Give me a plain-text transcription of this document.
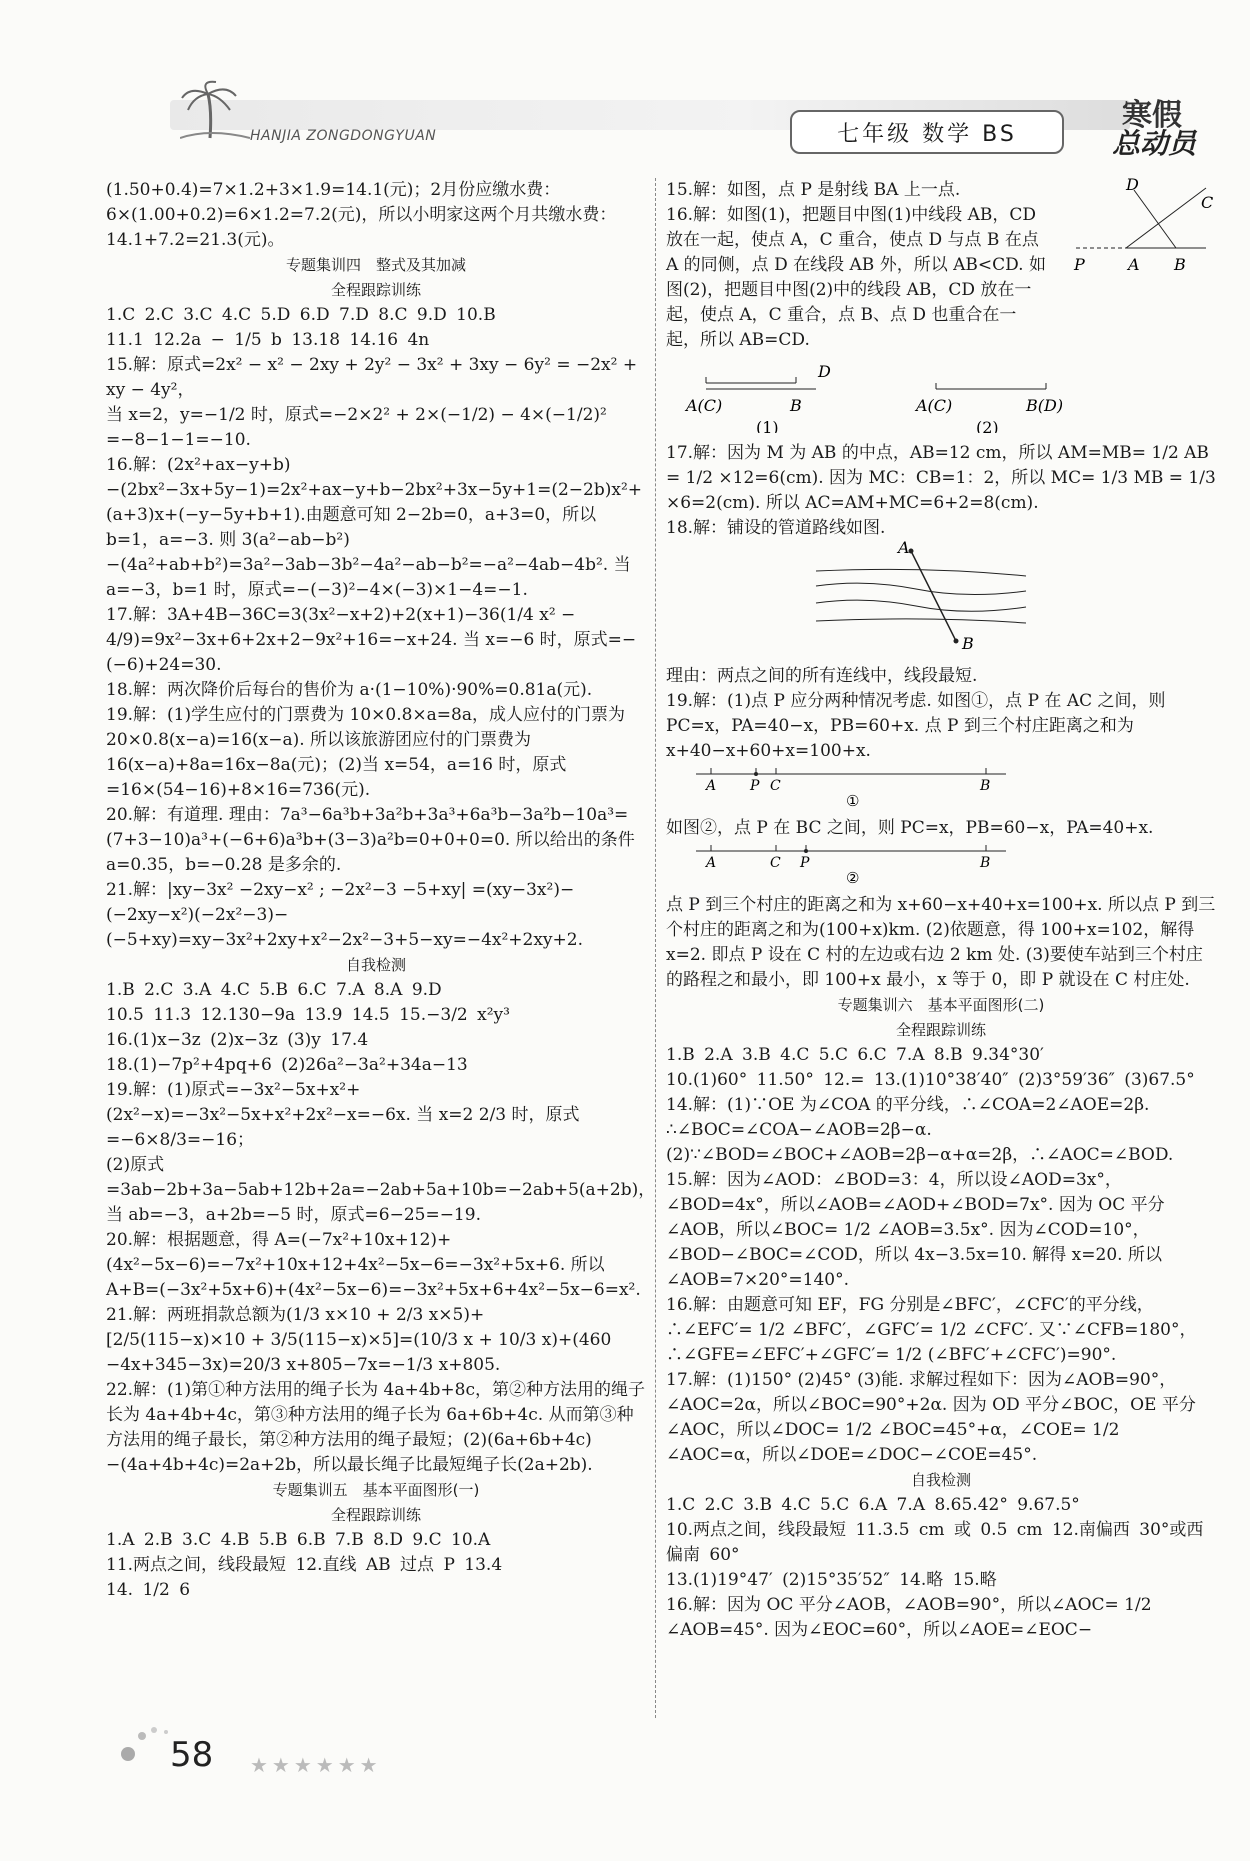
HANJIA ZONGDONGYUAN	七年级 数学 BS
寒假
总动员

(1.50+0.4)=7×1.2+3×1.9=14.1(元)；2月份应缴水费：6×(1.00+0.2)=6×1.2=7.2(元)，所以小明家这两个月共缴水费：14.1+7.2=21.3(元)。

专题集训四　整式及其加减

全程跟踪训练

1.C 2.C 3.C 4.C 5.D 6.D 7.D 8.C 9.D 10.B

11.1 12.2a − 1/5 b 13.18 14.16 4n

15.解：原式=2x² − x² − 2xy + 2y² − 3x² + 3xy − 6y² = −2x² + xy − 4y²，

当 x=2，y=−1/2 时，原式=−2×2² + 2×(−1/2) − 4×(−1/2)² =−8−1−1=−10.

16.解：(2x²+ax−y+b)−(2bx²−3x+5y−1)=2x²+ax−y+b−2bx²+3x−5y+1=(2−2b)x²+(a+3)x+(−y−5y+b+1).由题意可知 2−2b=0，a+3=0，所以 b=1，a=−3. 则 3(a²−ab−b²)−(4a²+ab+b²)=3a²−3ab−3b²−4a²−ab−b²=−a²−4ab−4b². 当 a=−3，b=1 时，原式=−(−3)²−4×(−3)×1−4=−1.

17.解：3A+4B−36C=3(3x²−x+2)+2(x+1)−36(1/4 x² − 4/9)=9x²−3x+6+2x+2−9x²+16=−x+24. 当 x=−6 时，原式=−(−6)+24=30.

18.解：两次降价后每台的售价为 a·(1−10%)·90%=0.81a(元).

19.解：(1)学生应付的门票费为 10×0.8×a=8a，成人应付的门票为 20×0.8(x−a)=16(x−a). 所以该旅游团应付的门票费为 16(x−a)+8a=16x−8a(元)；(2)当 x=54，a=16 时，原式=16×(54−16)+8×16=736(元).

20.解：有道理. 理由：7a³−6a³b+3a²b+3a³+6a³b−3a²b−10a³=(7+3−10)a³+(−6+6)a³b+(3−3)a²b=0+0+0=0. 所以给出的条件 a=0.35，b=−0.28 是多余的.

21.解：|xy−3x² −2xy−x² ; −2x²−3 −5+xy| =(xy−3x²)−(−2xy−x²)(−2x²−3)−(−5+xy)=xy−3x²+2xy+x²−2x²−3+5−xy=−4x²+2xy+2.

自我检测

1.B 2.C 3.A 4.C 5.B 6.C 7.A 8.A 9.D

10.5 11.3 12.130−9a 13.9 14.5 15.−3/2 x²y³

16.(1)x−3z (2)x−3z (3)y 17.4

18.(1)−7p²+4pq+6 (2)26a²−3a²+34a−13

19.解：(1)原式=−3x²−5x+x²+(2x²−x)=−3x²−5x+x²+2x²−x=−6x. 当 x=2 2/3 时，原式=−6×8/3=−16；

(2)原式=3ab−2b+3a−5ab+12b+2a=−2ab+5a+10b=−2ab+5(a+2b)，当 ab=−3，a+2b=−5 时，原式=6−25=−19.

20.解：根据题意，得 A=(−7x²+10x+12)+(4x²−5x−6)=−7x²+10x+12+4x²−5x−6=−3x²+5x+6. 所以 A+B=(−3x²+5x+6)+(4x²−5x−6)=−3x²+5x+6+4x²−5x−6=x².

21.解：两班捐款总额为(1/3 x×10 + 2/3 x×5)+

[2/5(115−x)×10 + 3/5(115−x)×5]=(10/3 x + 10/3 x)+(460

−4x+345−3x)=20/3 x+805−7x=−1/3 x+805.

22.解：(1)第①种方法用的绳子长为 4a+4b+8c，第②种方法用的绳子长为 4a+4b+4c，第③种方法用的绳子长为 6a+6b+4c. 从而第③种方法用的绳子最长，第②种方法用的绳子最短；(2)(6a+6b+4c)−(4a+4b+4c)=2a+2b，所以最长绳子比最短绳子长(2a+2b).

专题集训五　基本平面图形(一)

全程跟踪训练

1.A 2.B 3.C 4.B 5.B 6.B 7.B 8.D 9.C 10.A

11.两点之间，线段最短 12.直线 AB 过点 P 13.4

14. 1/2 6

15.解：如图，点 P 是射线 BA 上一点.

16.解：如图(1)，把题目中图(1)中线段 AB，CD 放在一起，使点 A，C 重合，使点 D 与点 B 在点 A 的同侧，点 D 在线段 AB 外，所以 AB<CD. 如图(2)，把题目中图(2)中的线段 AB，CD 放在一起，使点 A，C 重合，点 B、点 D 也重合在一起，所以 AB=CD.

D
C
P	A B
D
A(C)	B
(1)
A(C)	B(D)
(2)

17.解：因为 M 为 AB 的中点，AB=12 cm，所以 AM=MB= 1/2 AB = 1/2 ×12=6(cm). 因为 MC：CB=1：2，所以 MC= 1/3 MB = 1/3 ×6=2(cm). 所以 AC=AM+MC=6+2=8(cm).

18.解：铺设的管道路线如图.

A
B

理由：两点之间的所有连线中，线段最短.

19.解：(1)点 P 应分两种情况考虑. 如图①，点 P 在 AC 之间，则 PC=x，PA=40−x，PB=60+x. 点 P 到三个村庄距离之和为 x+40−x+60+x=100+x.

A P C	B
①

如图②，点 P 在 BC 之间，则 PC=x，PB=60−x，PA=40+x.

A	C P	B
②

点 P 到三个村庄的距离之和为 x+60−x+40+x=100+x. 所以点 P 到三个村庄的距离之和为(100+x)km. (2)依题意，得 100+x=102，解得 x=2. 即点 P 设在 C 村的左边或右边 2 km 处. (3)要使车站到三个村庄的路程之和最小，即 100+x 最小，x 等于 0，即 P 就设在 C 村庄处.

专题集训六　基本平面图形(二)

全程跟踪训练

1.B 2.A 3.B 4.C 5.C 6.C 7.A 8.B 9.34°30′

10.(1)60° 11.50° 12.= 13.(1)10°38′40″ (2)3°59′36″ (3)67.5°

14.解：(1)∵OE 为∠COA 的平分线，∴∠COA=2∠AOE=2β. ∴∠BOC=∠COA−∠AOB=2β−α. (2)∵∠BOD=∠BOC+∠AOB=2β−α+α=2β，∴∠AOC=∠BOD.

15.解：因为∠AOD：∠BOD=3：4，所以设∠AOD=3x°，∠BOD=4x°，所以∠AOB=∠AOD+∠BOD=7x°. 因为 OC 平分∠AOB，所以∠BOC= 1/2 ∠AOB=3.5x°. 因为∠COD=10°，∠BOD−∠BOC=∠COD，所以 4x−3.5x=10. 解得 x=20. 所以∠AOB=7×20°=140°.

16.解：由题意可知 EF，FG 分别是∠BFC′，∠CFC′的平分线，∴∠EFC′= 1/2 ∠BFC′，∠GFC′= 1/2 ∠CFC′. 又∵∠CFB=180°，∴∠GFE=∠EFC′+∠GFC′= 1/2 (∠BFC′+∠CFC′)=90°.

17.解：(1)150° (2)45° (3)能. 求解过程如下：因为∠AOB=90°，∠AOC=2α，所以∠BOC=90°+2α. 因为 OD 平分∠BOC，OE 平分∠AOC，所以∠DOC= 1/2 ∠BOC=45°+α，∠COE= 1/2 ∠AOC=α，所以∠DOE=∠DOC−∠COE=45°.

自我检测

1.C 2.C 3.B 4.C 5.C 6.A 7.A 8.65.42° 9.67.5°

10.两点之间，线段最短 11.3.5 cm 或 0.5 cm 12.南偏西 30°或西偏南 60°

13.(1)19°47′ (2)15°35′52″ 14.略 15.略

16.解：因为 OC 平分∠AOB，∠AOB=90°，所以∠AOC= 1/2 ∠AOB=45°. 因为∠EOC=60°，所以∠AOE=∠EOC−

58 ★★★★★★
